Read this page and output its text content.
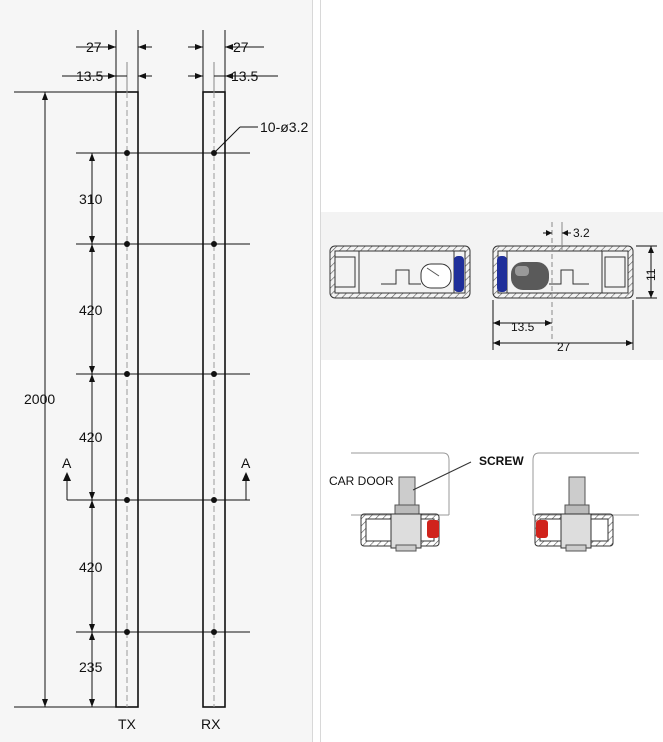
27
13.5
27
13.5
10-ø3.2
2000
310
420
420
420
235
A	A
TX	RX
3.2
11
13.5
27
CAR DOOR
SCREW
